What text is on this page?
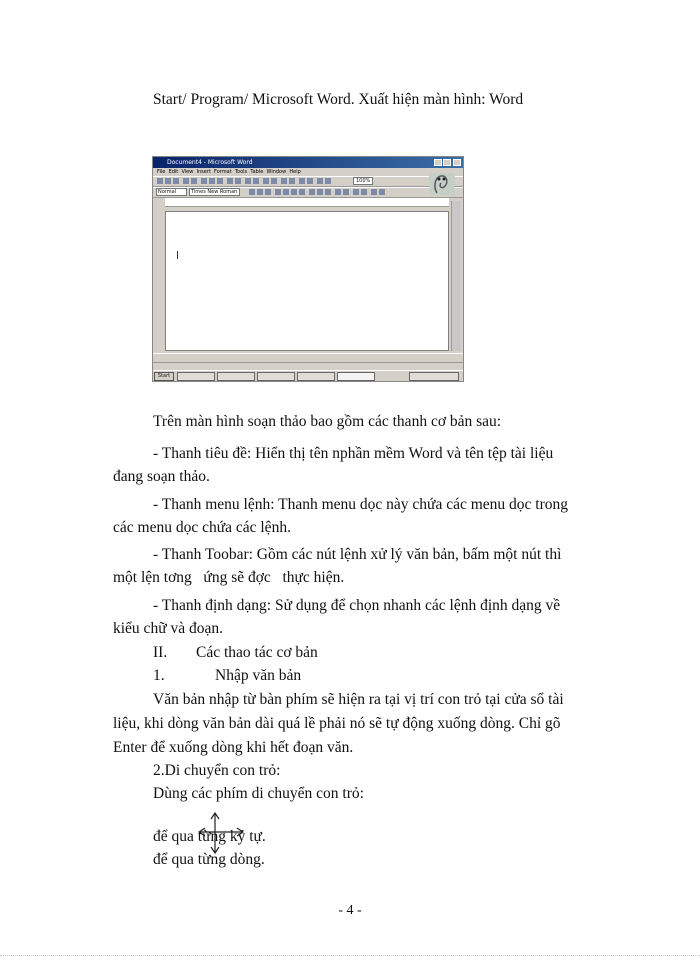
Start/ Program/ Microsoft Word. Xuất hiện màn hình: Word

Document4 - Microsoft Word
File Edit View Insert Format Tools Table Window Help
100%
Normal	Times New Roman
Start

Trên màn hình soạn thảo bao gồm các thanh cơ bản sau:

- Thanh tiêu đề: Hiển thị tên nphần mềm Word và tên tệp tài liệu

đang soạn thảo.

- Thanh menu lệnh: Thanh menu dọc này chứa các menu dọc trong

các menu dọc chứa các lệnh.

- Thanh Toobar: Gồm các nút lệnh xử lý văn bản, bấm một nút thì

một lện tơng   ứng sẽ đợc   thực hiện.

- Thanh định dạng: Sử dụng để chọn nhanh các lệnh định dạng về

kiểu chữ và đoạn.

II. Các thao tác cơ bản

1.	Nhập văn bản

Văn bản nhập từ bàn phím sẽ hiện ra tại vị trí con trỏ tại cửa sổ tài

liệu, khi dòng văn bản dài quá lề phải nó sẽ tự động xuống dòng. Chỉ gõ

Enter để xuống dòng khi hết đoạn văn.

2.Di chuyển con trỏ:

Dùng các phím di chuyển con trỏ:

để qua từng ký tự.

để qua từng dòng.

- 4 -
